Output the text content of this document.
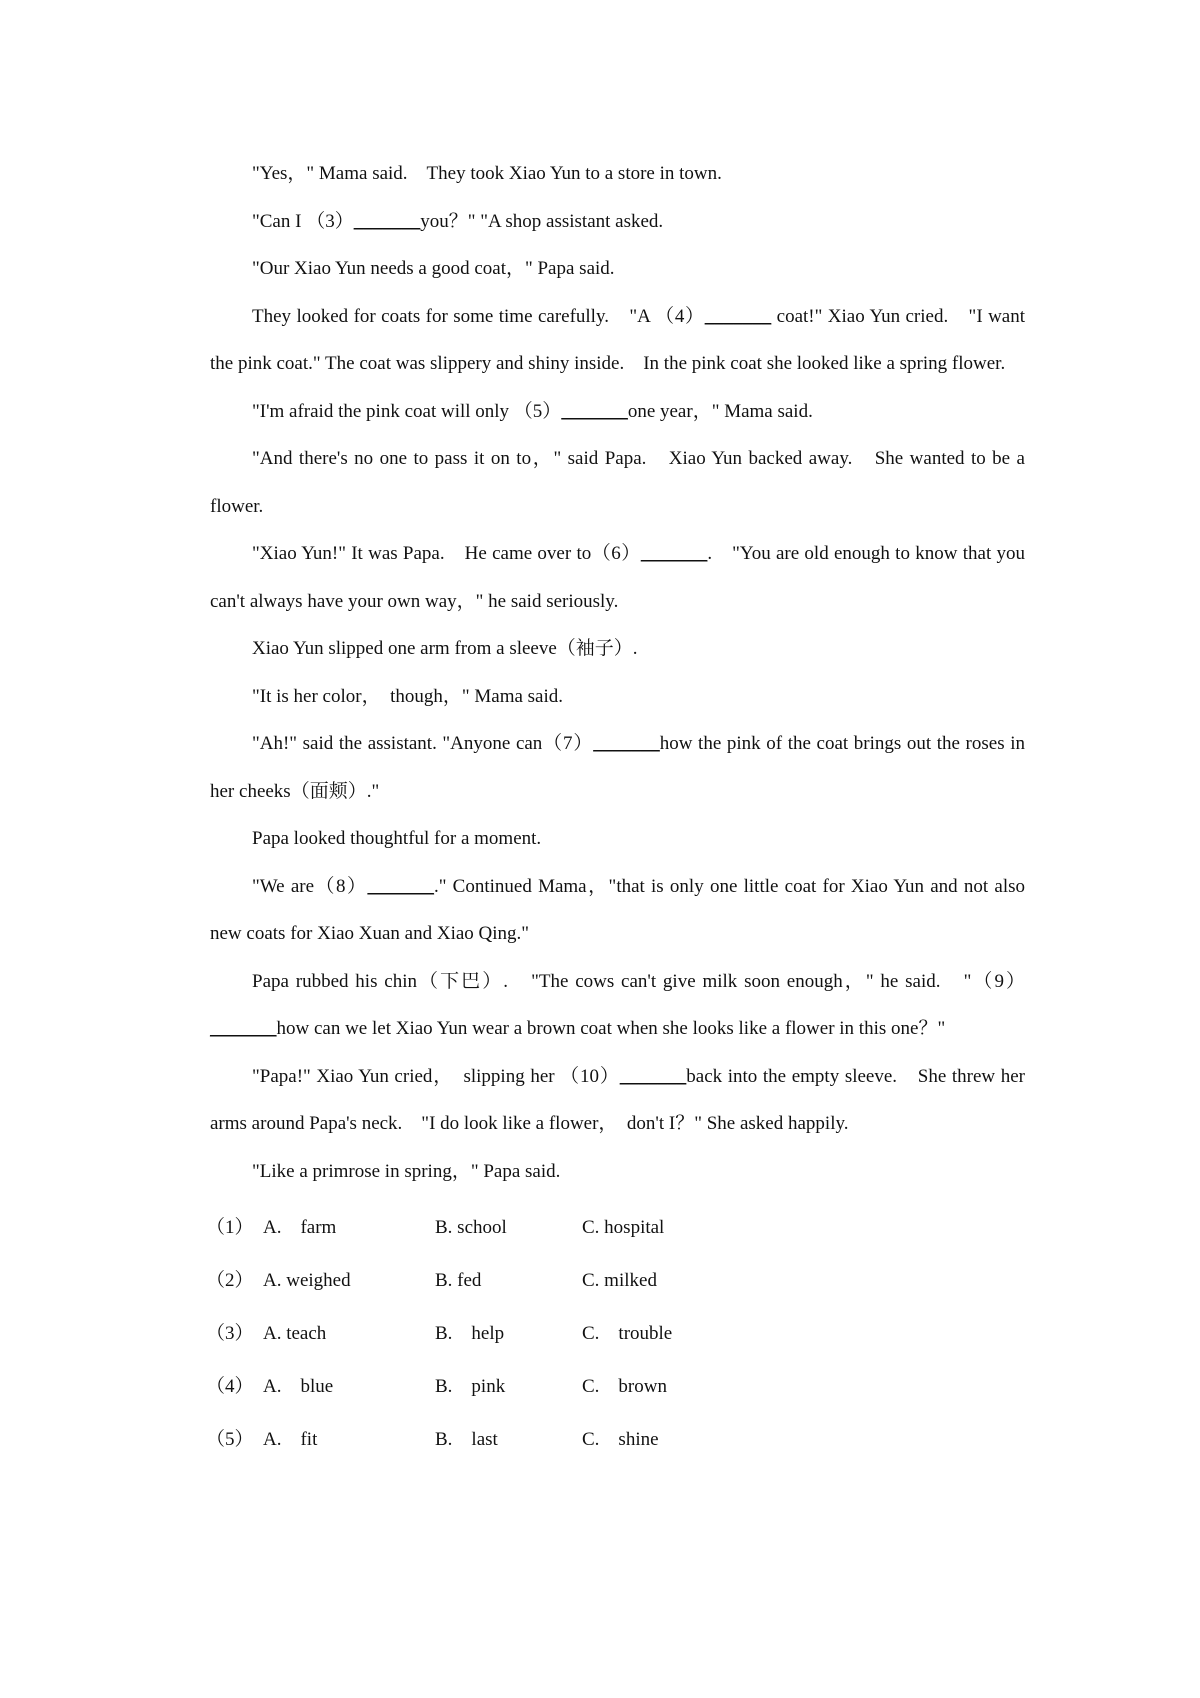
"Yes，" Mama said.　They took Xiao Yun to a store in town.

"Can I （3）_______you？" "A shop assistant asked.

"Our Xiao Yun needs a good coat，" Papa said.

They looked for coats for some time carefully.　"A （4）_______ coat!" Xiao Yun cried.　"I want the pink coat." The coat was slippery and shiny inside.　In the pink coat she looked like a spring flower.

"I'm afraid the pink coat will only （5）_______one year，" Mama said.

"And there's no one to pass it on to，" said Papa.　Xiao Yun backed away.　She wanted to be a flower.

"Xiao Yun!" It was Papa.　He came over to（6）_______.　"You are old enough to know that you can't always have your own way，" he said seriously.

Xiao Yun slipped one arm from a sleeve（袖子）.

"It is her color，　though，" Mama said.

"Ah!" said the assistant. "Anyone can（7）_______how the pink of the coat brings out the roses in her cheeks（面颊）."

Papa looked thoughtful for a moment.

"We are（8）_______." Continued Mama，"that is only one little coat for Xiao Yun and not also new coats for Xiao Xuan and Xiao Qing."

Papa rubbed his chin（下巴）.　"The cows can't give milk soon enough，" he said.　"（9）_______how can we let Xiao Yun wear a brown coat when she looks like a flower in this one？"

"Papa!" Xiao Yun cried，　slipping her （10）_______back into the empty sleeve.　She threw her arms around Papa's neck.　"I do look like a flower，　don't I？" She asked happily.

"Like a primrose in spring，" Papa said.

（1） A.　farm	B. school	C. hospital
（2） A. weighed	B. fed	C. milked
（3） A. teach	B.　help	C.　trouble
（4） A.　blue	B.　pink	C.　brown
（5） A.　fit	B.　last	C.　shine
